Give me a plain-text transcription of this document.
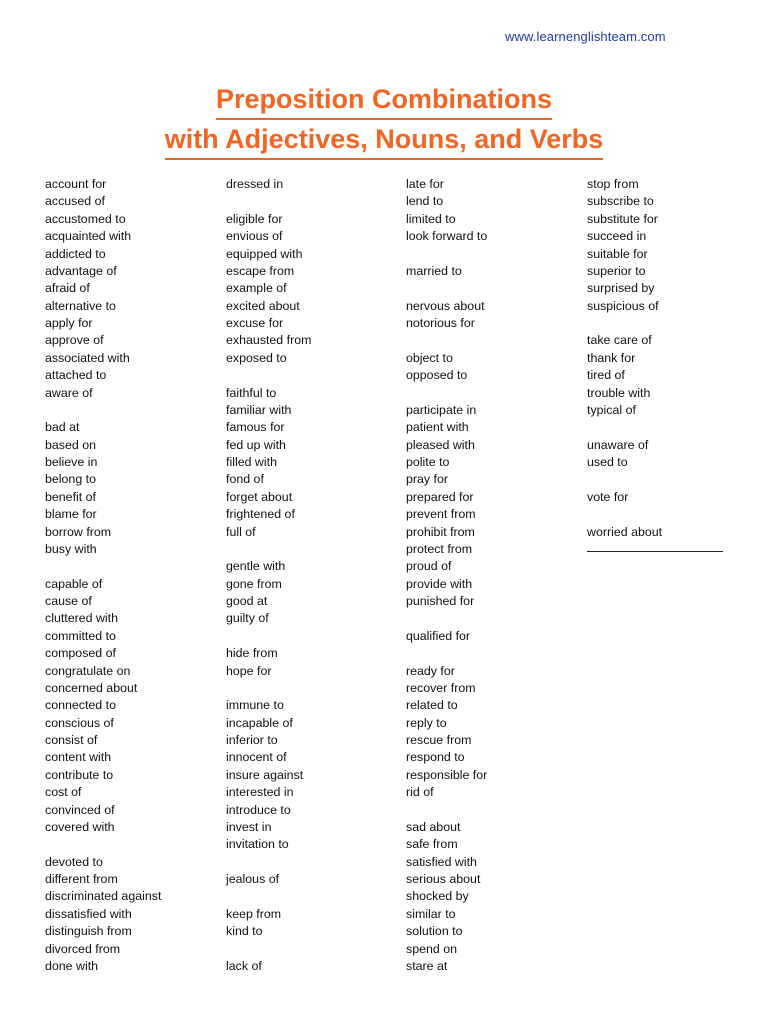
www.learnenglishteam.com
Preposition Combinations
with Adjectives, Nouns, and Verbs
account for
accused of
accustomed to
acquainted with
addicted to
advantage of
afraid of
alternative to
apply for
approve of
associated with
attached to
aware of
bad at
based on
believe in
belong to
benefit of
blame for
borrow from
busy with
capable of
cause of
cluttered with
committed to
composed of
congratulate on
concerned about
connected to
conscious of
consist of
content with
contribute to
cost of
convinced of
covered with
devoted to
different from
discriminated against
dissatisfied with
distinguish from
divorced from
done with
dressed in
eligible for
envious of
equipped with
escape from
example of
excited about
excuse for
exhausted from
exposed to
faithful to
familiar with
famous for
fed up with
filled with
fond of
forget about
frightened of
full of
gentle with
gone from
good at
guilty of
hide from
hope for
immune to
incapable of
inferior to
innocent of
insure against
interested in
introduce to
invest in
invitation to
jealous of
keep from
kind to
lack of
late for
lend to
limited to
look forward to
married to
nervous about
notorious for
object to
opposed to
participate in
patient with
pleased with
polite to
pray for
prepared for
prevent from
prohibit from
protect from
proud of
provide with
punished for
qualified for
ready for
recover from
related to
reply to
rescue from
respond to
responsible for
rid of
sad about
safe from
satisfied with
serious about
shocked by
similar to
solution to
spend on
stare at
stop from
subscribe to
substitute for
succeed in
suitable for
superior to
surprised by
suspicious of
take care of
thank for
tired of
trouble with
typical of
unaware of
used to
vote for
worried about
